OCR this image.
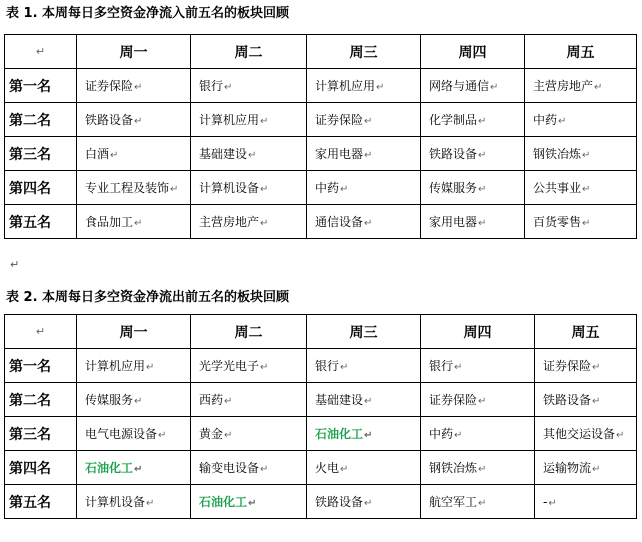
表 1. 本周每日多空资金净流入前五名的板块回顾
↵	周一	周二	周三	周四	周五
第一名	证券保险↵	银行↵	计算机应用↵	网络与通信↵	主营房地产↵
第二名	铁路设备↵	计算机应用↵	证券保险↵	化学制品↵	中药↵
第三名	白酒↵	基础建设↵	家用电器↵	铁路设备↵	钢铁冶炼↵
第四名	专业工程及装饰↵	计算机设备↵	中药↵	传媒服务↵	公共事业↵
第五名	食品加工↵	主营房地产↵	通信设备↵	家用电器↵	百货零售↵
↵
表 2. 本周每日多空资金净流出前五名的板块回顾
↵	周一	周二	周三	周四	周五
第一名	计算机应用↵	光学光电子↵	银行↵	银行↵	证券保险↵
第二名	传媒服务↵	西药↵	基础建设↵	证券保险↵	铁路设备↵
第三名	电气电源设备↵	黄金↵	石油化工↵	中药↵	其他交运设备↵
第四名	石油化工↵	输变电设备↵	火电↵	钢铁冶炼↵	运输物流↵
第五名	计算机设备↵	石油化工↵	铁路设备↵	航空军工↵	-↵
